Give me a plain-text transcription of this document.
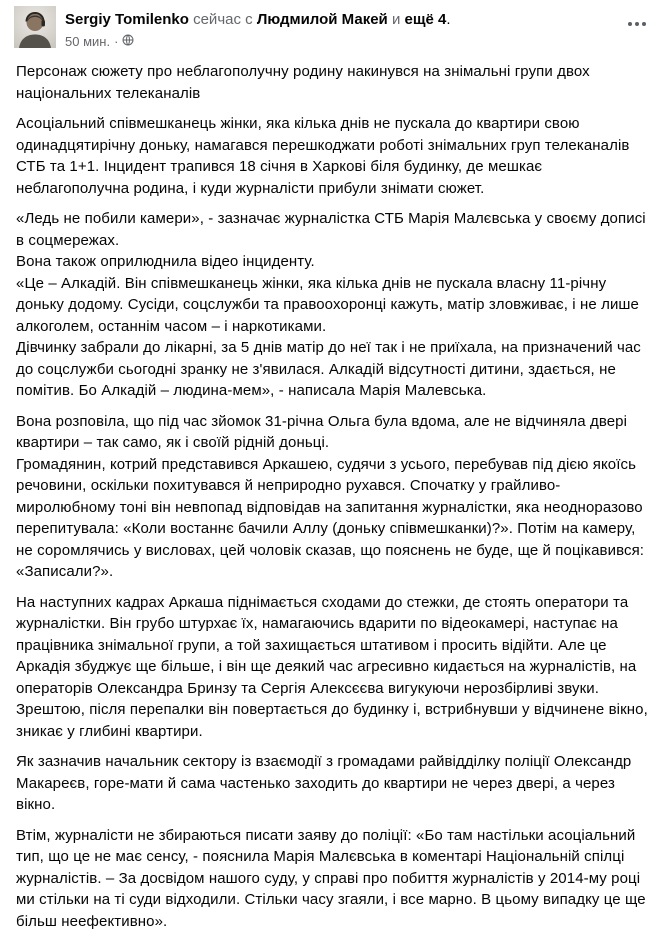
Sergiy Tomilenko сейчас с Людмилой Макей и ещё 4.
50 мин. ·

Персонаж сюжету про неблагополучну родину накинувся на знімальні групи двох національних телеканалів

Асоціальний співмешканець жінки, яка кілька днів не пускала до квартири свою одинадцятирічну доньку, намагався перешкоджати роботі знімальних груп телеканалів СТБ та 1+1. Інцидент трапився 18 січня в Харкові біля будинку, де мешкає неблагополучна родина, і куди журналісти прибули знімати сюжет.

«Ледь не побили камери», - зазначає журналістка СТБ Марія Малєвська у своєму дописі в соцмережах.
Вона також оприлюднила відео інциденту.
«Це – Алкадій. Він співмешканець жінки, яка кілька днів не пускала власну 11-річну доньку додому. Сусіди, соцслужби та правоохоронці кажуть, матір зловживає, і не лише алкоголем, останнім часом – і наркотиками.
Дівчинку забрали до лікарні, за 5 днів матір до неї так і не приїхала, на призначений час до соцслужби сьогодні зранку не з'явилася. Алкадій відсутності дитини, здається, не помітив. Бо Алкадій – людина-мем», - написала Марія Малевська.

Вона розповіла, що під час зйомок 31-річна Ольга була вдома, але не відчиняла двері квартири – так само, як і своїй рідній доньці.
Громадянин, котрий представився Аркашею, судячи з усього, перебував під дією якоїсь речовини, оскільки похитувався й неприродно рухався. Спочатку у грайливо-миролюбному тоні він невпопад відповідав на запитання журналістки, яка неодноразово перепитувала: «Коли востаннє бачили Аллу (доньку співмешканки)?». Потім на камеру, не соромлячись у висловах, цей чоловік сказав, що пояснень не буде, ще й поцікавився: «Записали?».

На наступних кадрах Аркаша піднімається сходами до стежки, де стоять оператори та журналістки. Він грубо штурхає їх, намагаючись вдарити по відеокамері, наступає на працівника знімальної групи, а той захищається штативом і просить відійти. Але це Аркадія збуджує ще більше, і він ще деякий час агресивно кидається на журналістів, на операторів Олександра Бринзу та Сергія Алексєєва вигукуючи нерозбірливі звуки. Зрештою, після перепалки він повертається до будинку і, встрибнувши у відчинене вікно, зникає у глибині квартири.

Як зазначив начальник сектору із взаємодії з громадами райвідділку поліції Олександр Макареєв, горе-мати й сама частенько заходить до квартири не через двері, а через вікно.

Втім, журналісти не збираються писати заяву до поліції: «Бо там настільки асоціальний тип, що це не має сенсу, - пояснила Марія Малєвська в коментарі Національній спілці журналістів. – За досвідом нашого суду, у справі про побиття журналістів у 2014-му році ми стільки на ті суди відходили. Стільки часу згаяли, і все марно. В цьому випадку це ще більш неефективно».
